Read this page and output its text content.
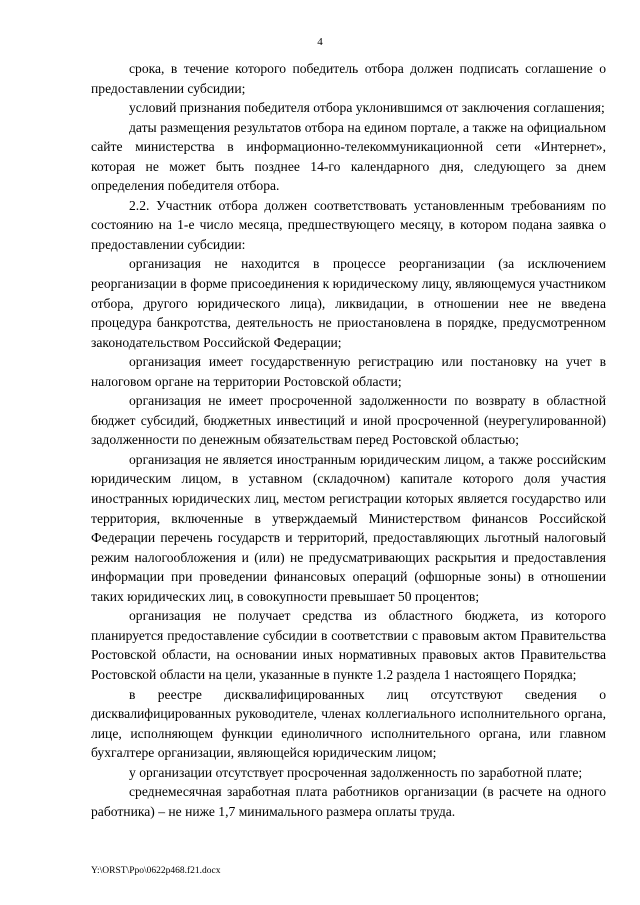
4

срока, в течение которого победитель отбора должен подписать соглашение о предоставлении субсидии;

условий признания победителя отбора уклонившимся от заключения соглашения;

даты размещения результатов отбора на едином портале, а также на официальном сайте министерства в информационно-телекоммуникационной сети «Интернет», которая не может быть позднее 14-го календарного дня, следующего за днем определения победителя отбора.

2.2. Участник отбора должен соответствовать установленным требованиям по состоянию на 1-е число месяца, предшествующего месяцу, в котором подана заявка о предоставлении субсидии:

организация не находится в процессе реорганизации (за исключением реорганизации в форме присоединения к юридическому лицу, являющемуся участником отбора, другого юридического лица), ликвидации, в отношении нее не введена процедура банкротства, деятельность не приостановлена в порядке, предусмотренном законодательством Российской Федерации;

организация имеет государственную регистрацию или постановку на учет в налоговом органе на территории Ростовской области;

организация не имеет просроченной задолженности по возврату в областной бюджет субсидий, бюджетных инвестиций и иной просроченной (неурегулированной) задолженности по денежным обязательствам перед Ростовской областью;

организация не является иностранным юридическим лицом, а также российским юридическим лицом, в уставном (складочном) капитале которого доля участия иностранных юридических лиц, местом регистрации которых является государство или территория, включенные в утверждаемый Министерством финансов Российской Федерации перечень государств и территорий, предоставляющих льготный налоговый режим налогообложения и (или) не предусматривающих раскрытия и предоставления информации при проведении финансовых операций (офшорные зоны) в отношении таких юридических лиц, в совокупности превышает 50 процентов;

организация не получает средства из областного бюджета, из которого планируется предоставление субсидии в соответствии с правовым актом Правительства Ростовской области, на основании иных нормативных правовых актов Правительства Ростовской области на цели, указанные в пункте 1.2 раздела 1 настоящего Порядка;

в реестре дисквалифицированных лиц отсутствуют сведения о дисквалифицированных руководителе, членах коллегиального исполнительного органа, лице, исполняющем функции единоличного исполнительного органа, или главном бухгалтере организации, являющейся юридическим лицом;

у организации отсутствует просроченная задолженность по заработной плате;

среднемесячная заработная плата работников организации (в расчете на одного работника) – не ниже 1,7 минимального размера оплаты труда.

Y:\ORST\Ppo\0622p468.f21.docx
